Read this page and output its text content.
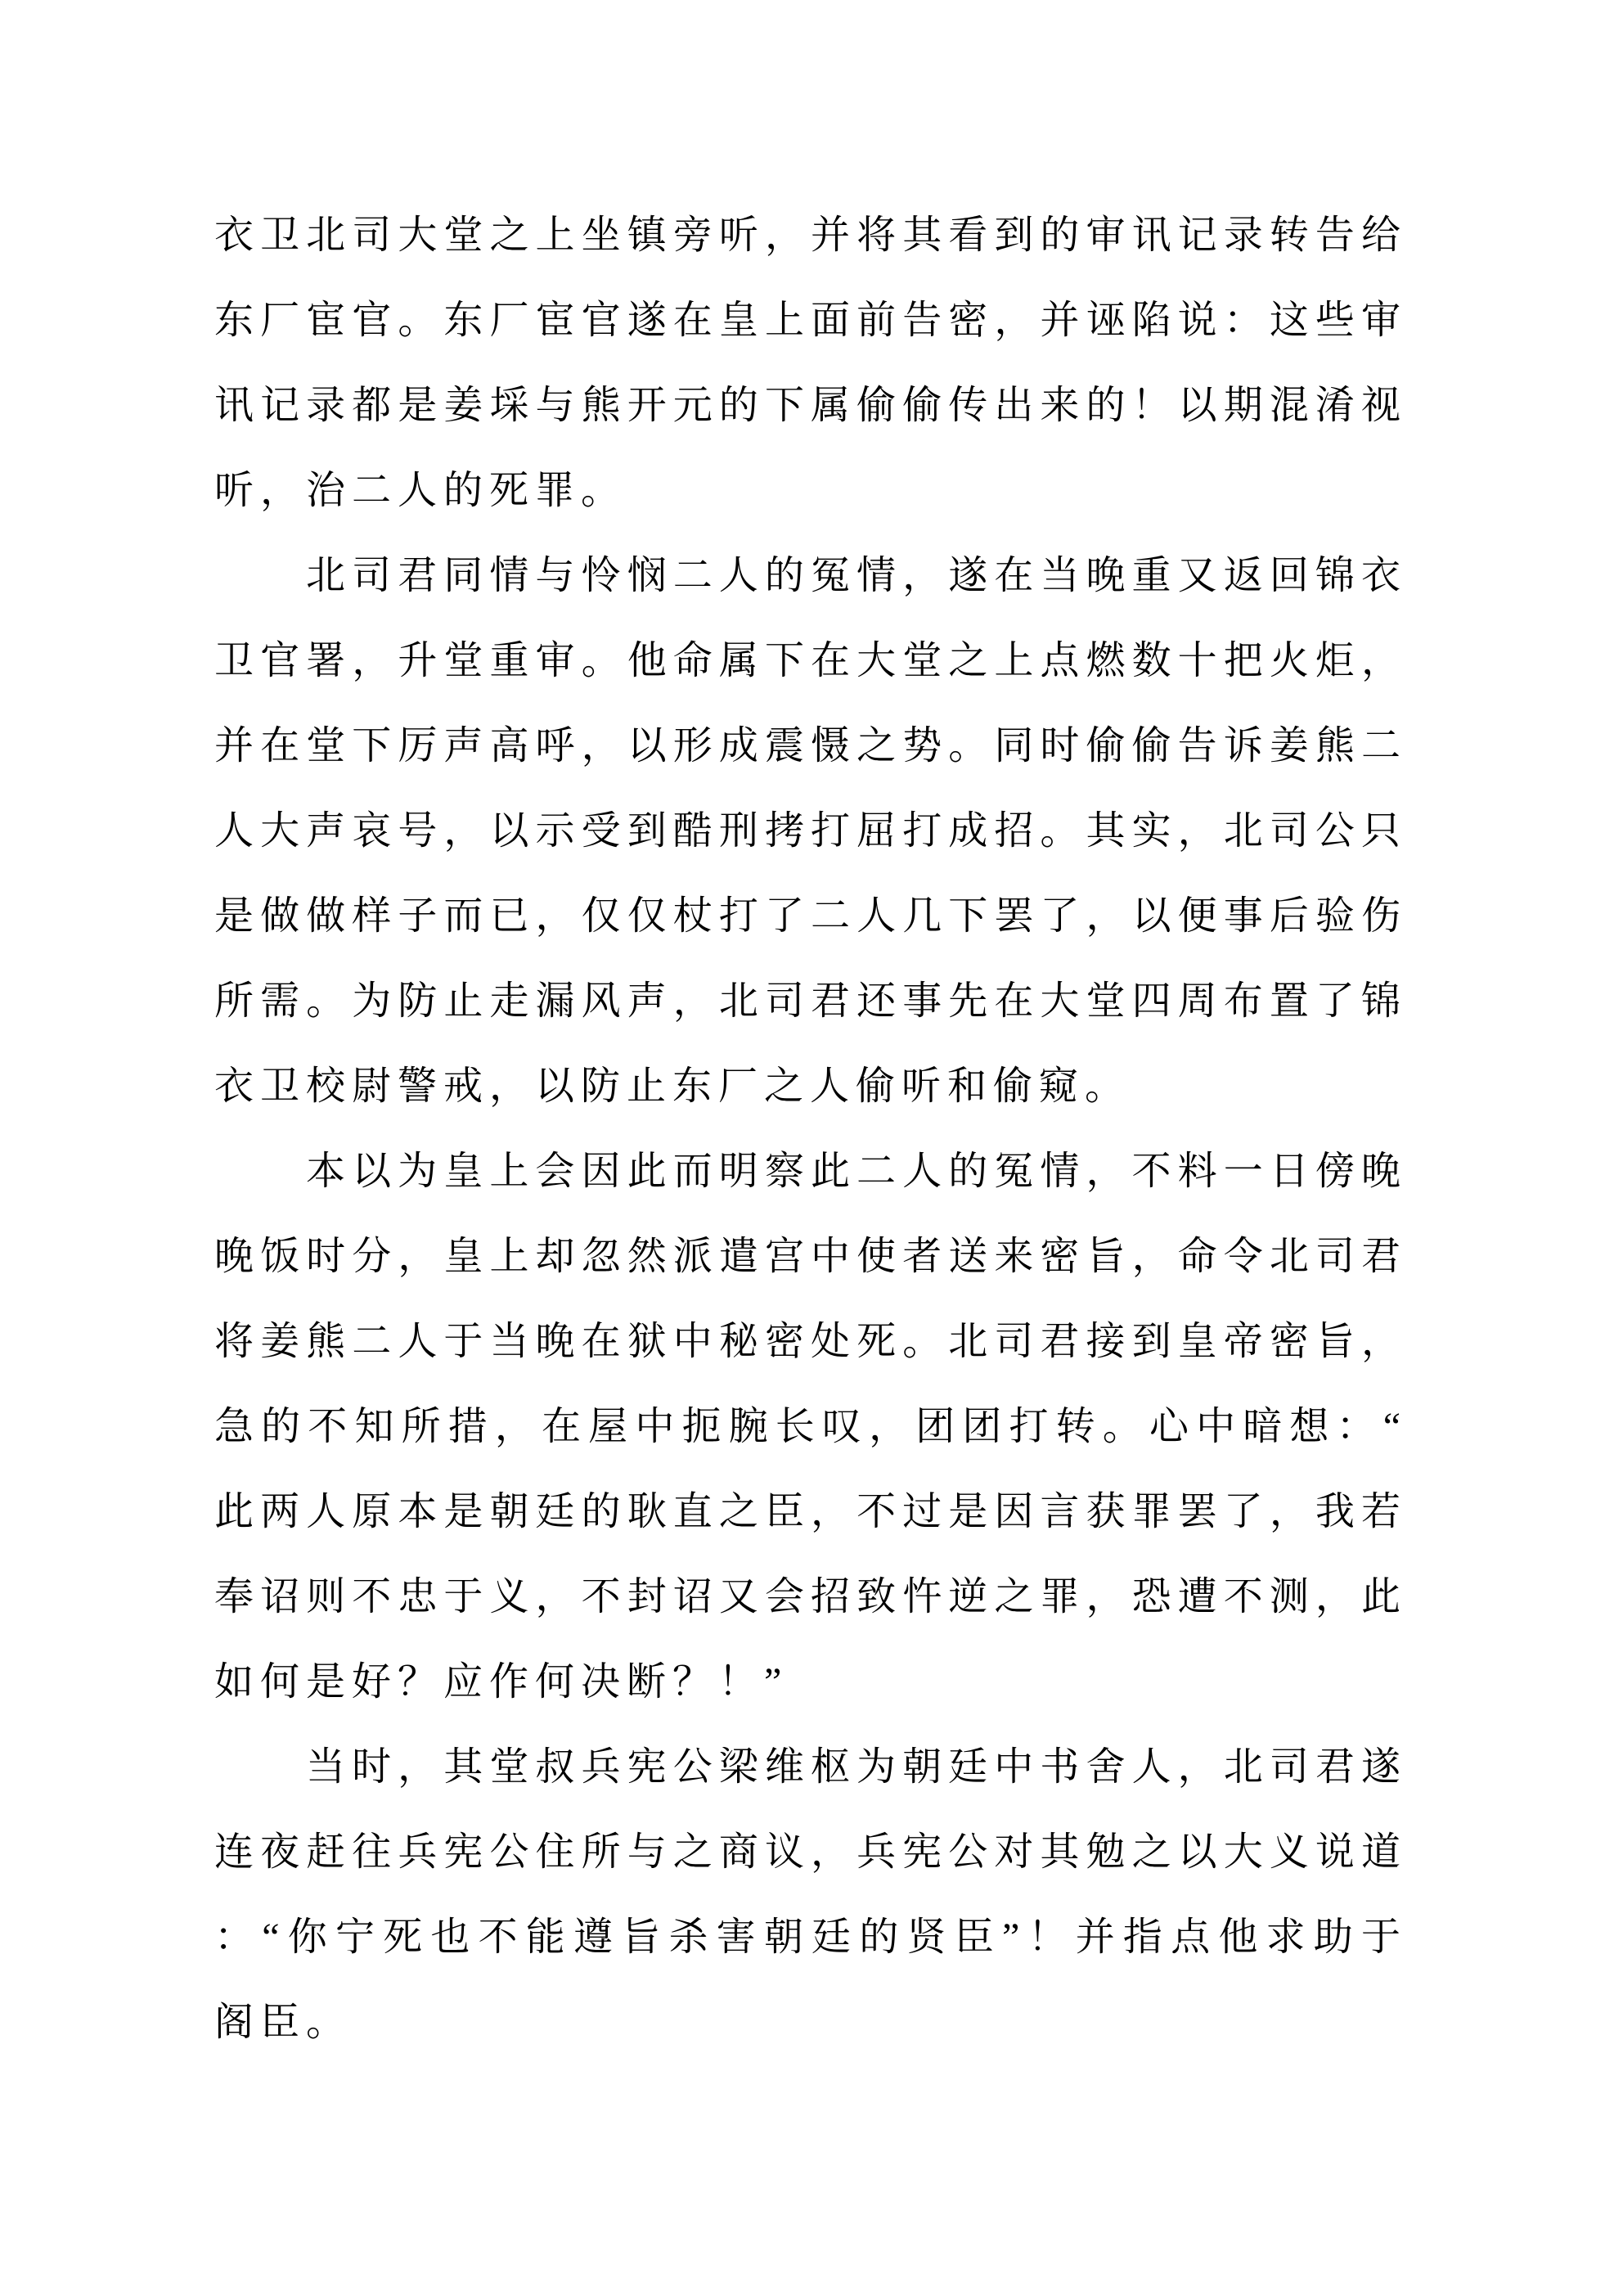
衣卫北司大堂之上坐镇旁听，并将其看到的审讯记录转告给东厂宦官。东厂宦官遂在皇上面前告密，并诬陷说：这些审讯记录都是姜埰与熊开元的下属偷偷传出来的！以期混淆视听，治二人的死罪。

北司君同情与怜悯二人的冤情，遂在当晚重又返回锦衣卫官署，升堂重审。他命属下在大堂之上点燃数十把火炬，并在堂下厉声高呼，以形成震慑之势。同时偷偷告诉姜熊二人大声哀号，以示受到酷刑拷打屈打成招。其实，北司公只是做做样子而已，仅仅杖打了二人几下罢了，以便事后验伤所需。为防止走漏风声，北司君还事先在大堂四周布置了锦衣卫校尉警戒，以防止东厂之人偷听和偷窥。

本以为皇上会因此而明察此二人的冤情，不料一日傍晚晚饭时分，皇上却忽然派遣宫中使者送来密旨，命令北司君将姜熊二人于当晚在狱中秘密处死。北司君接到皇帝密旨，急的不知所措，在屋中扼腕长叹，团团打转。心中暗想：“此两人原本是朝廷的耿直之臣，不过是因言获罪罢了，我若奉诏则不忠于义，不封诏又会招致忤逆之罪，恐遭不测，此如何是好？应作何决断？！”

当时，其堂叔兵宪公梁维枢为朝廷中书舍人，北司君遂连夜赶往兵宪公住所与之商议，兵宪公对其勉之以大义说道：“你宁死也不能遵旨杀害朝廷的贤臣”！并指点他求助于阁臣。
